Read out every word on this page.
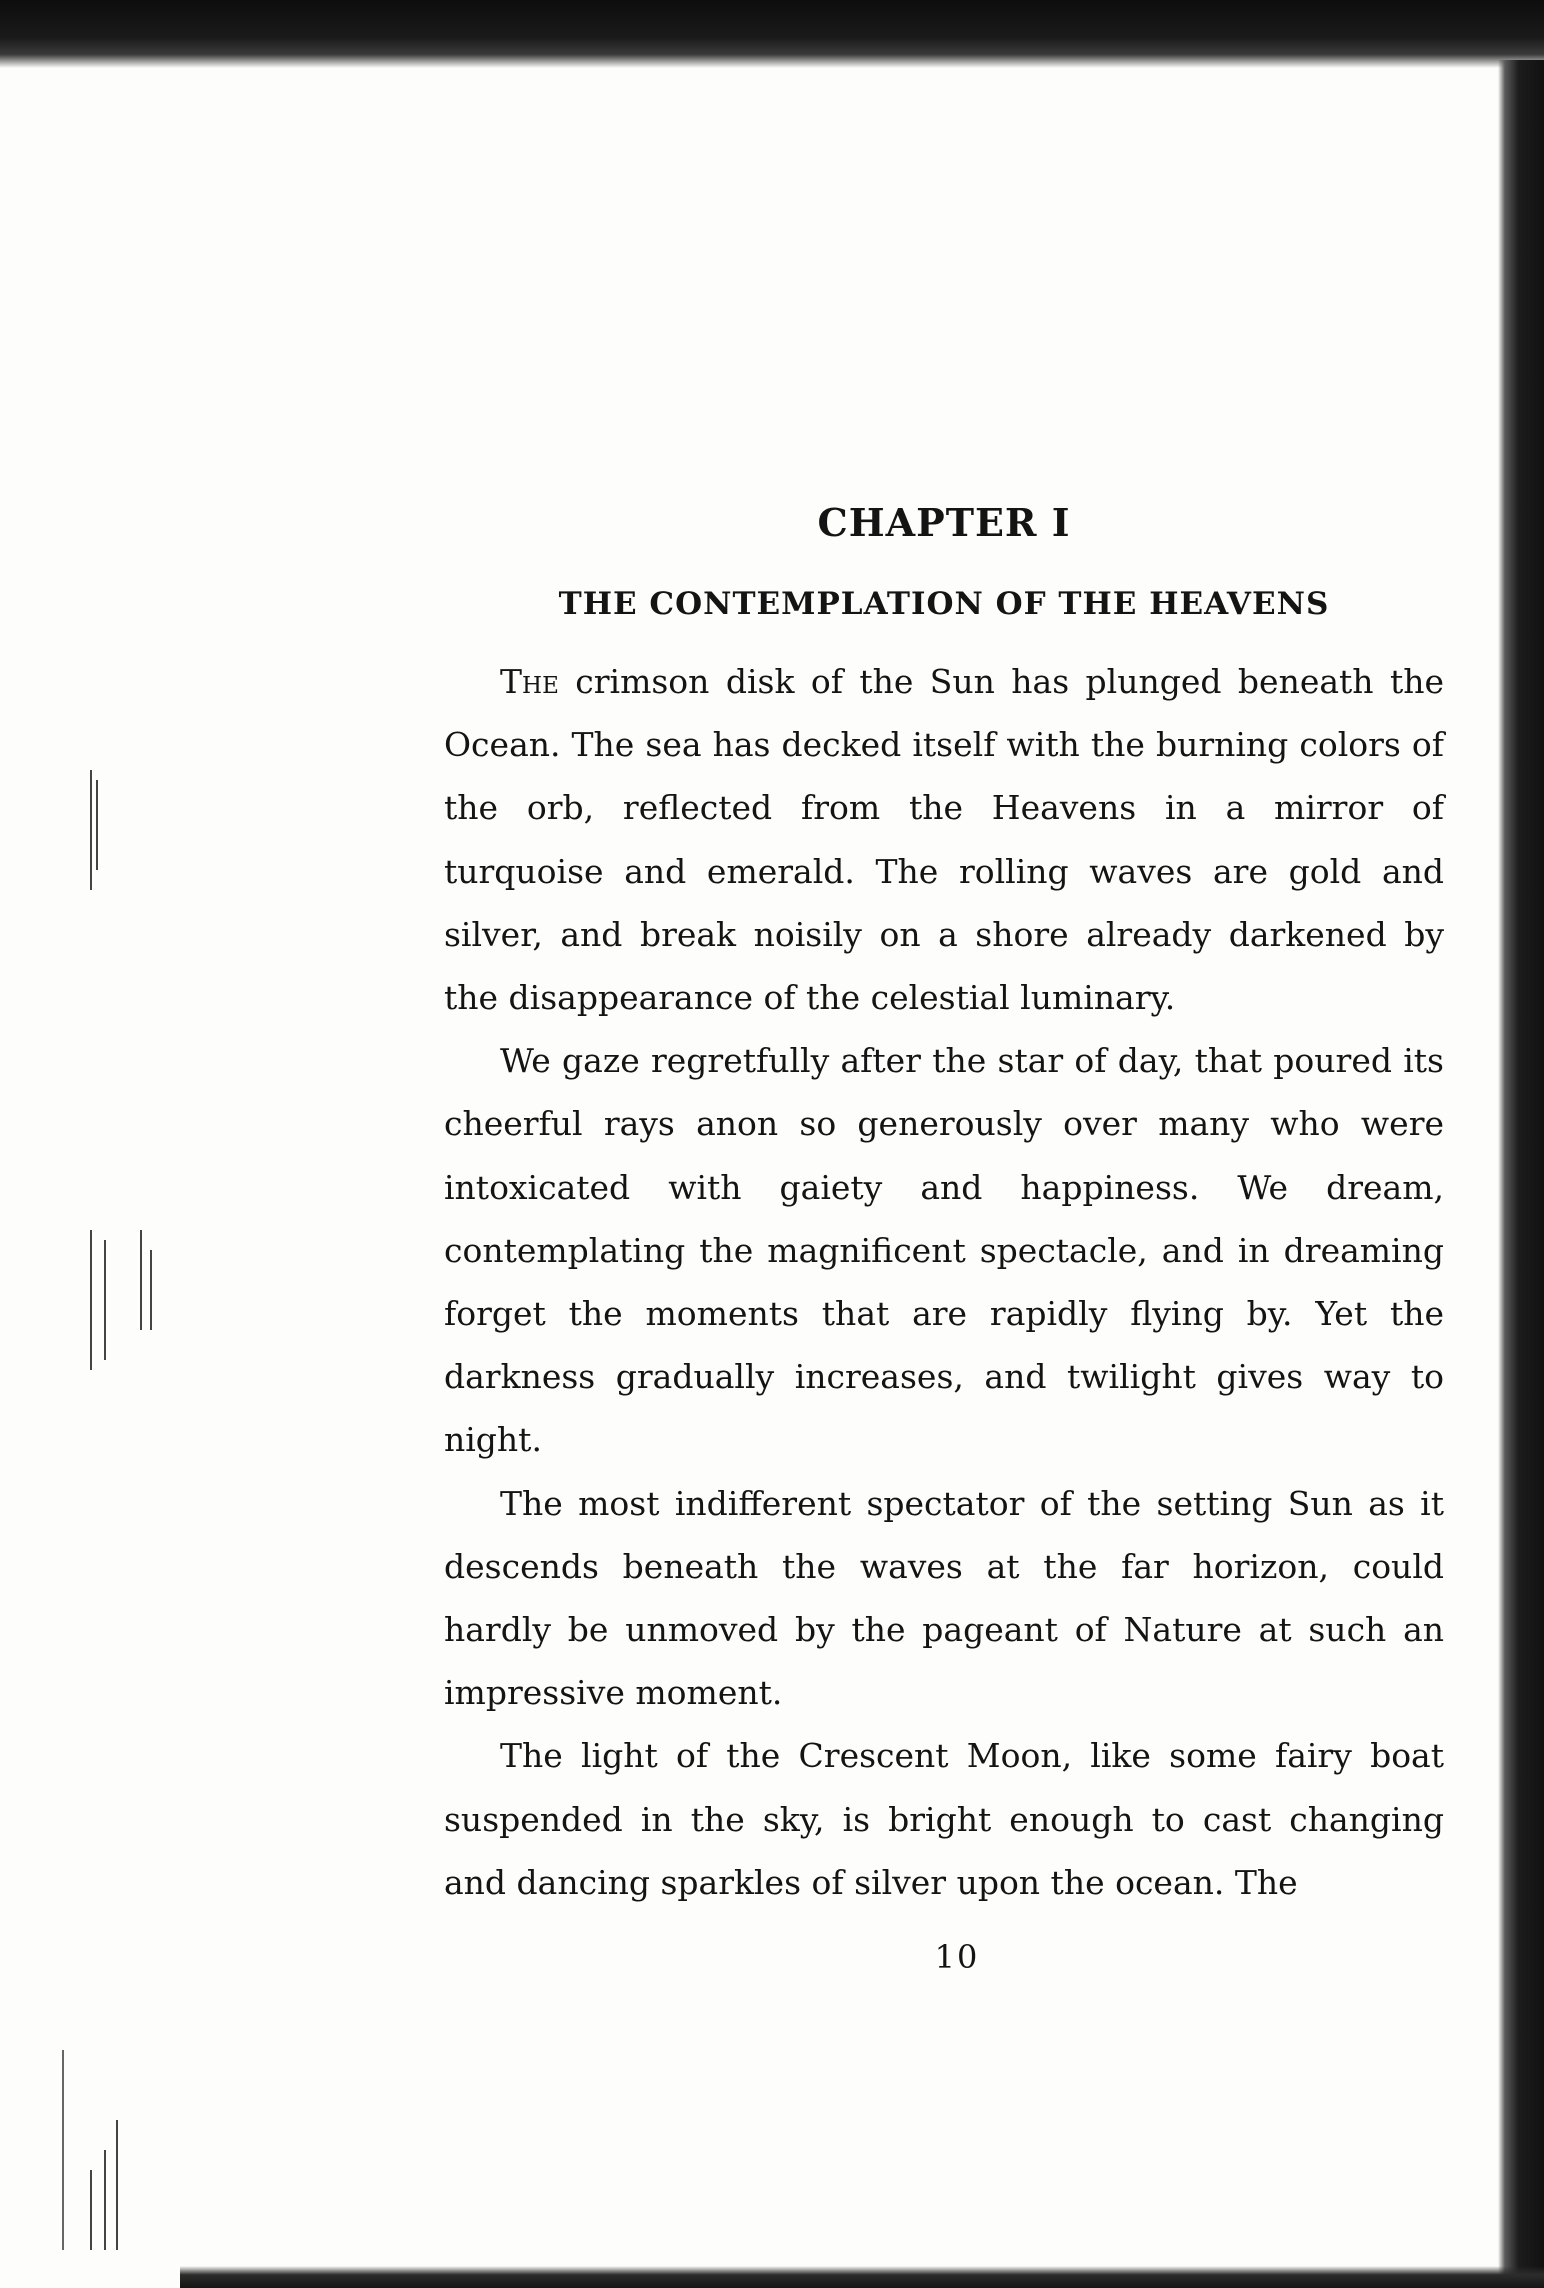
CHAPTER I
THE CONTEMPLATION OF THE HEAVENS

The crimson disk of the Sun has plunged beneath the Ocean. The sea has decked itself with the burning colors of the orb, reflected from the Heavens in a mirror of turquoise and emerald. The rolling waves are gold and silver, and break noisily on a shore already darkened by the disappearance of the celestial luminary.

We gaze regretfully after the star of day, that poured its cheerful rays anon so generously over many who were intoxicated with gaiety and happiness. We dream, contemplating the magnificent spectacle, and in dreaming forget the moments that are rapidly flying by. Yet the darkness gradually increases, and twilight gives way to night.

The most indifferent spectator of the setting Sun as it descends beneath the waves at the far horizon, could hardly be unmoved by the pageant of Nature at such an impressive moment.

The light of the Crescent Moon, like some fairy boat suspended in the sky, is bright enough to cast changing and dancing sparkles of silver upon the ocean. The

10
